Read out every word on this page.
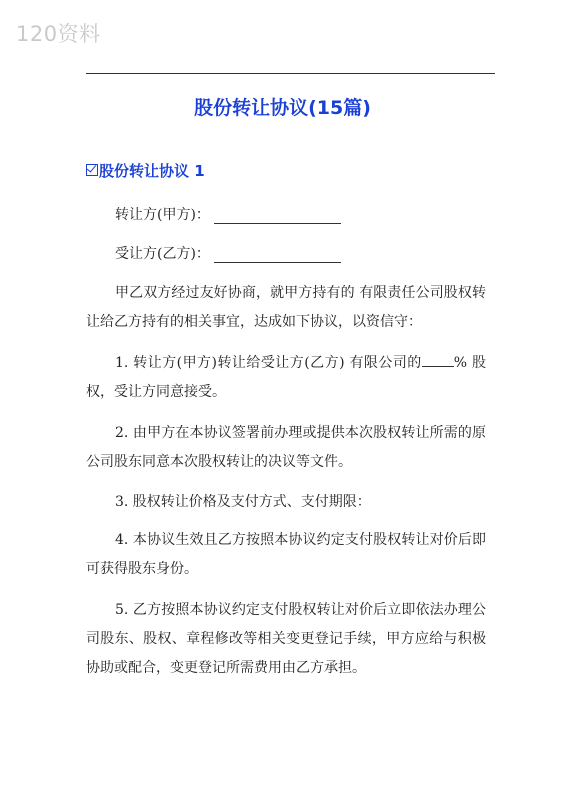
120资料
股份转让协议(15篇)
股份转让协议 1
转让方(甲方)：
受让方(乙方)：
甲乙双方经过友好协商，就甲方持有的 有限责任公司股权转让给乙方持有的相关事宜，达成如下协议，以资信守：
1. 转让方(甲方)转让给受让方(乙方) 有限公司的 % 股权，受让方同意接受。
2. 由甲方在本协议签署前办理或提供本次股权转让所需的原公司股东同意本次股权转让的决议等文件。
3. 股权转让价格及支付方式、支付期限：
4. 本协议生效且乙方按照本协议约定支付股权转让对价后即可获得股东身份。
5. 乙方按照本协议约定支付股权转让对价后立即依法办理公司股东、股权、章程修改等相关变更登记手续，甲方应给与积极协助或配合，变更登记所需费用由乙方承担。
